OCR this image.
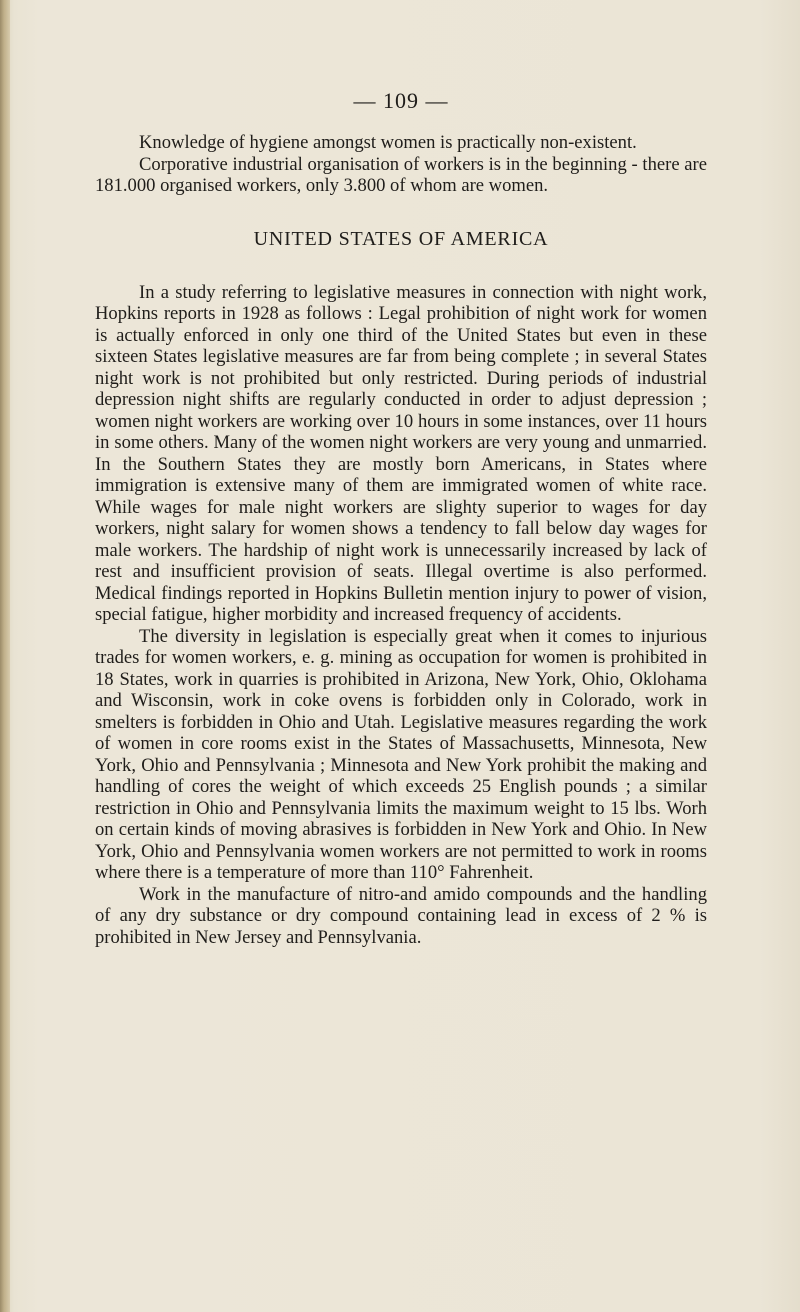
— 109 —

Knowledge of hygiene amongst women is practically non-existent.

Corporative industrial organisation of workers is in the beginning - there are 181.000 organised workers, only 3.800 of whom are women.

UNITED STATES OF AMERICA

In a study referring to legislative measures in connection with night work, Hopkins reports in 1928 as follows : Legal prohibition of night work for women is actually enforced in only one third of the United States but even in these sixteen States legislative measures are far from being complete ; in several States night work is not prohibited but only restricted. During periods of industrial depression night shifts are regularly conducted in order to adjust depression ; women night workers are working over 10 hours in some instances, over 11 hours in some others. Many of the women night workers are very young and unmarried. In the Southern States they are mostly born Americans, in States where immigration is extensive many of them are immigrated women of white race. While wages for male night workers are slighty superior to wages for day workers, night salary for women shows a tendency to fall below day wages for male workers. The hardship of night work is unnecessarily increased by lack of rest and insufficient provision of seats. Illegal overtime is also performed. Medical findings reported in Hopkins Bulletin mention injury to power of vision, special fatigue, higher morbidity and increased frequency of accidents.

The diversity in legislation is especially great when it comes to injurious trades for women workers, e. g. mining as occupation for women is prohibited in 18 States, work in quarries is prohibited in Arizona, New York, Ohio, Oklohama and Wisconsin, work in coke ovens is forbidden only in Colorado, work in smelters is forbidden in Ohio and Utah. Legislative measures regarding the work of women in core rooms exist in the States of Massachusetts, Minnesota, New York, Ohio and Pennsylvania ; Minnesota and New York prohibit the making and handling of cores the weight of which exceeds 25 English pounds ; a similar restriction in Ohio and Pennsylvania limits the maximum weight to 15 lbs. Worh on certain kinds of moving abrasives is forbidden in New York and Ohio. In New York, Ohio and Pennsylvania women workers are not permitted to work in rooms where there is a temperature of more than 110° Fahrenheit.

Work in the manufacture of nitro-and amido compounds and the handling of any dry substance or dry compound containing lead in excess of 2 % is prohibited in New Jersey and Pennsylvania.
